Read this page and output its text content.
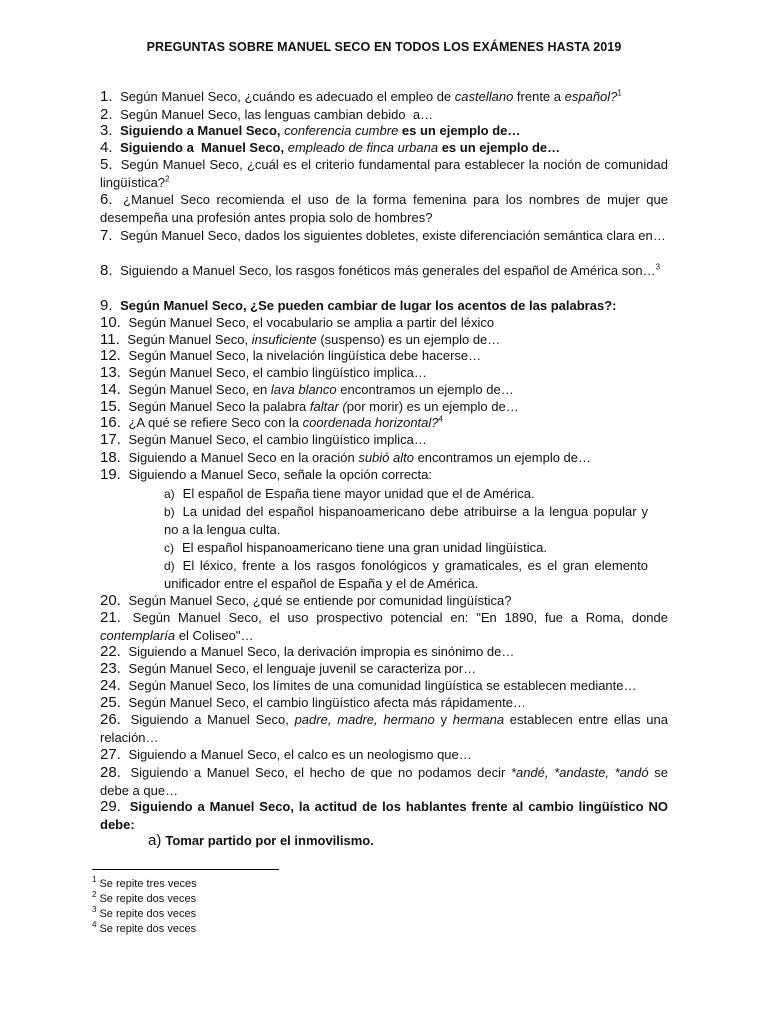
PREGUNTAS SOBRE MANUEL SECO EN TODOS LOS EXÁMENES HASTA 2019
1. Según Manuel Seco, ¿cuándo es adecuado el empleo de castellano frente a español?$^1$
2. Según Manuel Seco, las lenguas cambian debido  a…
3. Siguiendo a Manuel Seco, conferencia cumbre es un ejemplo de…
4. Siguiendo a  Manuel Seco, empleado de finca urbana es un ejemplo de…
5. Según Manuel Seco, ¿cuál es el criterio fundamental para establecer la noción de comunidad lingüística?$^2$
6. ¿Manuel Seco recomienda el uso de la forma femenina para los nombres de mujer que desempeña una profesión antes propia solo de hombres?
7. Según Manuel Seco, dados los siguientes dobletes, existe diferenciación semántica clara en…
8. Siguiendo a Manuel Seco, los rasgos fonéticos más generales del español de América son…$^3$
9. Según Manuel Seco, ¿Se pueden cambiar de lugar los acentos de las palabras?:
10. Según Manuel Seco, el vocabulario se amplia a partir del léxico
11. Según Manuel Seco, insuficiente (suspenso) es un ejemplo de…
12. Según Manuel Seco, la nivelación lingüística debe hacerse…
13. Según Manuel Seco, el cambio lingüístico implica…
14. Según Manuel Seco, en lava blanco encontramos un ejemplo de…
15. Según Manuel Seco la palabra faltar (por morir) es un ejemplo de…
16. ¿A qué se refiere Seco con la coordenada horizontal?$^4$
17. Según Manuel Seco, el cambio lingüístico implica…
18. Siguiendo a Manuel Seco en la oración subió alto encontramos un ejemplo de…
19. Siguiendo a Manuel Seco, señale la opción correcta:
a) El español de España tiene mayor unidad que el de América.
b) La unidad del español hispanoamericano debe atribuirse a la lengua popular y no a la lengua culta.
c) El español hispanoamericano tiene una gran unidad lingüística.
d) El léxico, frente a los rasgos fonológicos y gramaticales, es el gran elemento unificador entre el español de España y el de América.
20. Según Manuel Seco, ¿qué se entiende por comunidad lingüística?
21. Según Manuel Seco, el uso prospectivo potencial en: "En 1890, fue a Roma, donde contemplaría el Coliseo"…
22. Siguiendo a Manuel Seco, la derivación impropia es sinónimo de…
23. Según Manuel Seco, el lenguaje juvenil se caracteriza por…
24. Según Manuel Seco, los límites de una comunidad lingüística se establecen mediante…
25. Según Manuel Seco, el cambio lingüístico afecta más rápidamente…
26. Siguiendo a Manuel Seco, padre, madre, hermano y hermana establecen entre ellas una relación…
27. Siguiendo a Manuel Seco, el calco es un neologismo que…
28. Siguiendo a Manuel Seco, el hecho de que no podamos decir *andé, *andaste, *andó se debe a que…
29. Siguiendo a Manuel Seco, la actitud de los hablantes frente al cambio lingüístico NO debe:
a) Tomar partido por el inmovilismo.
$^1$ Se repite tres veces
$^2$ Se repite dos veces
$^3$ Se repite dos veces
$^4$ Se repite dos veces
